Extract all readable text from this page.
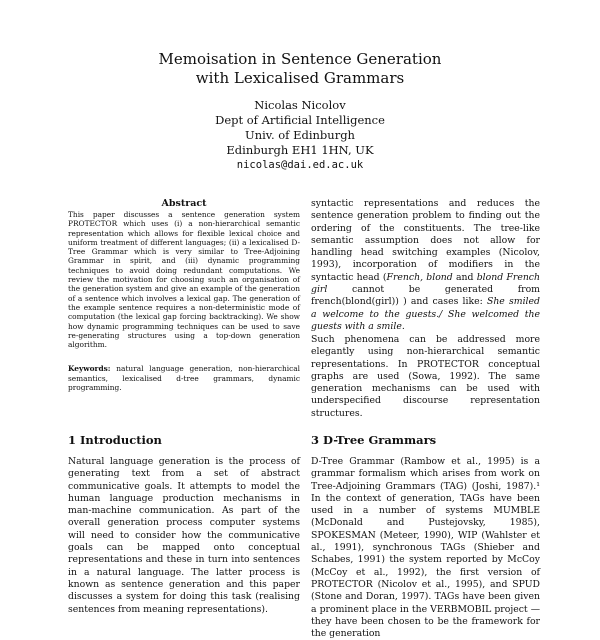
Memoisation in Sentence Generation
with Lexicalised Grammars
Nicolas Nicolov
Dept of Artificial Intelligence
Univ. of Edinburgh
Edinburgh EH1 1HN, UK
nicolas@dai.ed.ac.uk
Abstract
This paper discusses a sentence generation system PROTECTOR which uses (i) a non-hierarchical semantic representation which allows for flexible lexical choice and uniform treatment of different languages; (ii) a lexicalised D-Tree Grammar which is very similar to Tree-Adjoining Grammar in spirit, and (iii) dynamic programming techniques to avoid doing redundant computations. We review the motivation for choosing such an organisation of the generation system and give an example of the generation of a sentence which involves a lexical gap. The generation of the example sentence requires a non-deterministic mode of computation (the lexical gap forcing backtracking). We show how dynamic programming techniques can be used to save re-generating structures using a top-down generation algorithm.
Keywords: natural language generation, non-hierarchical semantics, lexicalised d-tree grammars, dynamic programming.
1 Introduction
Natural language generation is the process of generating text from a set of abstract communicative goals. It attempts to model the human language production mechanisms in man-machine communication. As part of the overall generation process computer systems will need to consider how the communicative goals can be mapped onto conceptual representations and these in turn into sentences in a natural language. The latter process is known as sentence generation and this paper discusses a system for doing this task (realising sentences from meaning representations).
syntactic representations and reduces the sentence generation problem to finding out the ordering of the constituents. The tree-like semantic assumption does not allow for handling head switching examples (Nicolov, 1993), incorporation of modifiers in the syntactic head (French, blond and blond French girl cannot be generated from french(blond(girl)) ) and cases like: She smiled a welcome to the guests./ She welcomed the guests with a smile.
Such phenomena can be addressed more elegantly using non-hierarchical semantic representations. In PROTECTOR conceptual graphs are used (Sowa, 1992). The same generation mechanisms can be used with underspecified discourse representation structures.
3 D-Tree Grammars
D-Tree Grammar (Rambow et al., 1995) is a grammar formalism which arises from work on Tree-Adjoining Grammars (TAG) (Joshi, 1987).¹ In the context of generation, TAGs have been used in a number of systems MUMBLE (McDonald and Pustejovsky, 1985), SPOKESMAN (Meteer, 1990), WIP (Wahlster et al., 1991), synchronous TAGs (Shieber and Schabes, 1991) the system reported by McCoy (McCoy et al., 1992), the first version of PROTECTOR (Nicolov et al., 1995), and SPUD (Stone and Doran, 1997). TAGs have been given a prominent place in the VERBMOBIL project — they have been chosen to be the framework for the generation
